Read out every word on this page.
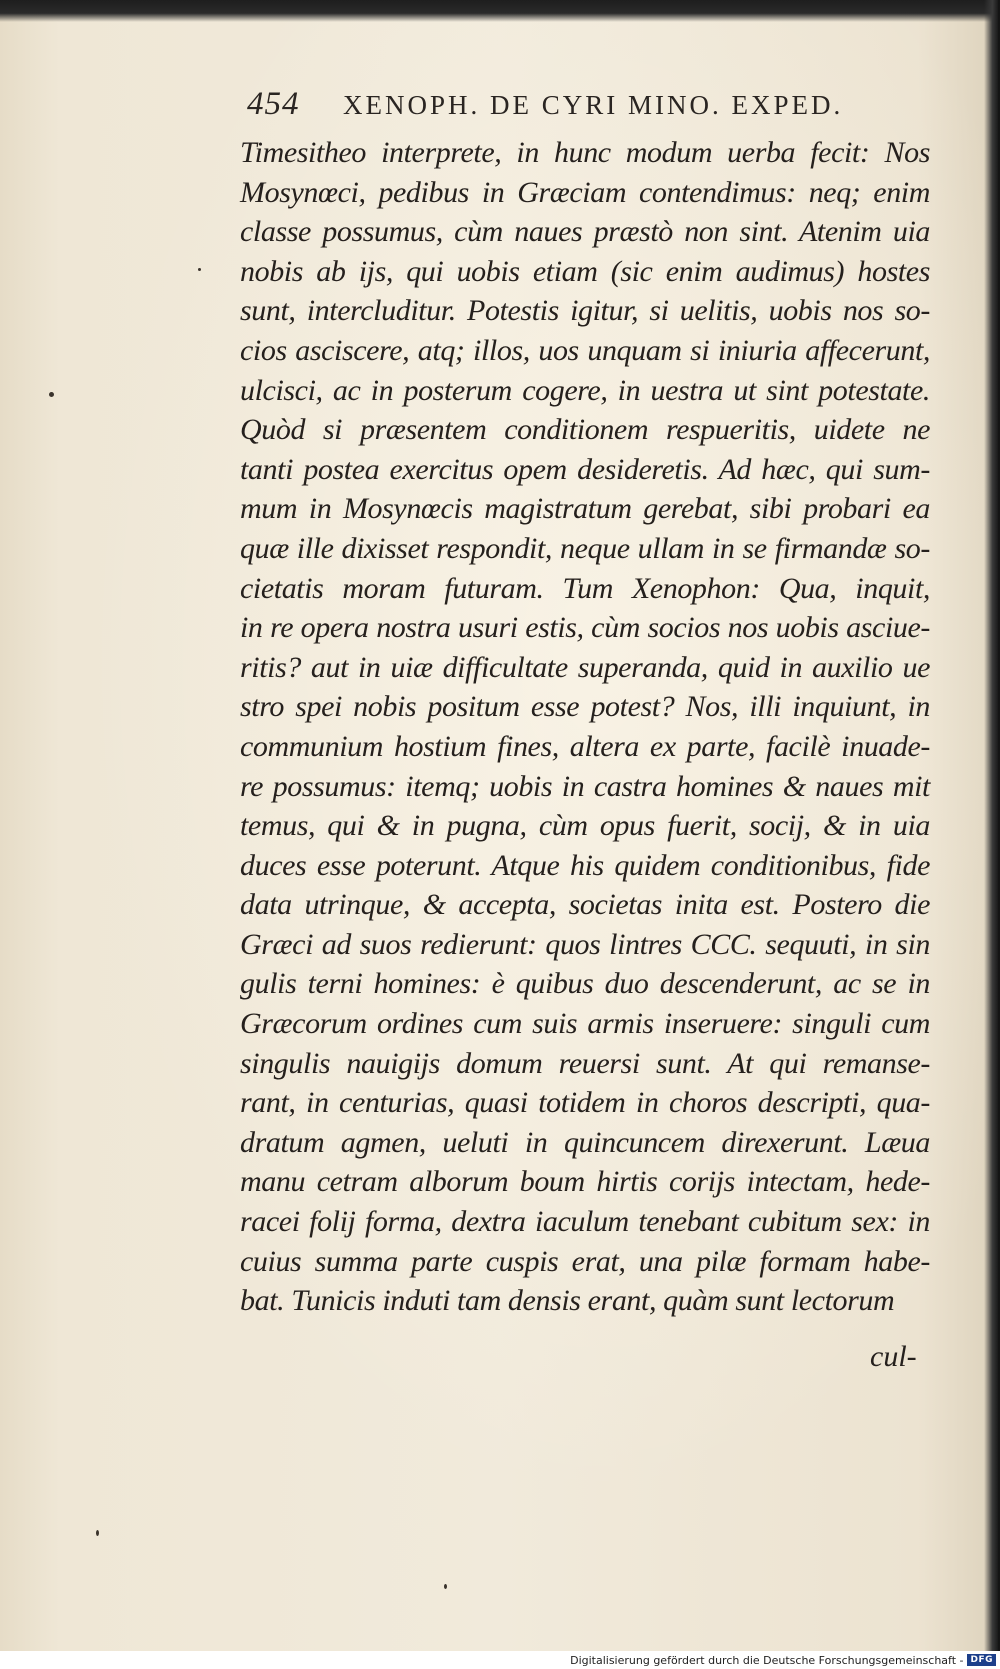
454	XENOPH. DE CYRI MINO. EXPED.
Timesitheo interprete, in hunc modum uerba fecit: Nos
Mosynœci, pedibus in Græciam contendimus: neq; enim
classe possumus, cùm naues præstò non sint. Atenim uia
nobis ab ijs, qui uobis etiam (sic enim audimus) hostes
sunt, intercluditur. Potestis igitur, si uelitis, uobis nos so-
cios asciscere, atq; illos, uos unquam si iniuria affecerunt,
ulcisci, ac in posterum cogere, in uestra ut sint potestate.
Quòd si præsentem conditionem respueritis, uidete ne
tanti postea exercitus opem desideretis. Ad hæc, qui sum-
mum in Mosynœcis magistratum gerebat, sibi probari ea
quæ ille dixisset respondit, neque ullam in se firmandæ so-
cietatis moram futuram. Tum Xenophon: Qua, inquit,
in re opera nostra usuri estis, cùm socios nos uobis asciue-
ritis? aut in uiæ difficultate superanda, quid in auxilio ue
stro spei nobis positum esse potest? Nos, illi inquiunt, in
communium hostium fines, altera ex parte, facilè inuade-
re possumus: itemq; uobis in castra homines & naues mit
temus, qui & in pugna, cùm opus fuerit, socij, & in uia
duces esse poterunt. Atque his quidem conditionibus, fide
data utrinque, & accepta, societas inita est. Postero die
Græci ad suos redierunt: quos lintres CCC. sequuti, in sin
gulis terni homines: è quibus duo descenderunt, ac se in
Græcorum ordines cum suis armis inseruere: singuli cum
singulis nauigijs domum reuersi sunt. At qui remanse-
rant, in centurias, quasi totidem in choros descripti, qua-
dratum agmen, ueluti in quincuncem direxerunt. Læua
manu cetram alborum boum hirtis corijs intectam, hede-
racei folij forma, dextra iaculum tenebant cubitum sex: in
cuius summa parte cuspis erat, una pilæ formam habe-
bat. Tunicis induti tam densis erant, quàm sunt lectorum
cul-
Digitalisierung gefördert durch die Deutsche Forschungsgemeinschaft - DFG
